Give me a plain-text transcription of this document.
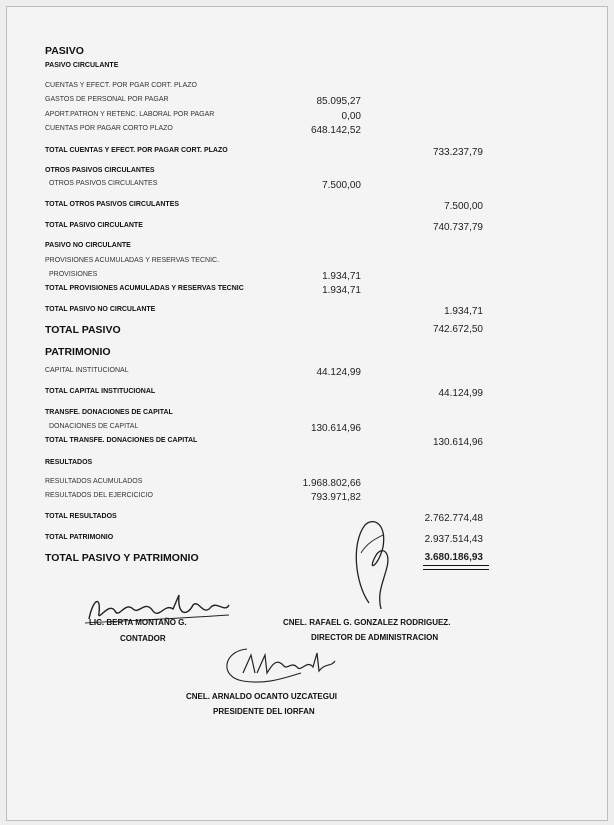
PASIVO
PASIVO CIRCULANTE
CUENTAS Y EFECT. POR PGAR CORT. PLAZO
GASTOS DE PERSONAL POR PAGAR	85.095,27
APORT.PATRON Y RETENC. LABORAL POR PAGAR	0,00
CUENTAS POR PAGAR CORTO PLAZO	648.142,52
TOTAL CUENTAS Y EFECT. POR PAGAR CORT. PLAZO	733.237,79
OTROS PASIVOS CIRCULANTES
OTROS PASIVOS CIRCULANTES	7.500,00
TOTAL OTROS PASIVOS CIRCULANTES	7.500,00
TOTAL PASIVO CIRCULANTE	740.737,79
PASIVO NO CIRCULANTE
PROVISIONES ACUMULADAS Y RESERVAS TECNIC.
PROVISIONES	1.934,71
TOTAL PROVISIONES ACUMULADAS Y RESERVAS TECNIC	1.934,71
TOTAL PASIVO NO CIRCULANTE	1.934,71
TOTAL PASIVO	742.672,50
PATRIMONIO
CAPITAL INSTITUCIONAL	44.124,99
TOTAL CAPITAL INSTITUCIONAL	44.124,99
TRANSFE. DONACIONES DE CAPITAL
DONACIONES DE CAPITAL	130.614,96
TOTAL TRANSFE. DONACIONES DE CAPITAL	130.614,96
RESULTADOS
RESULTADOS ACUMULADOS	1.968.802,66
RESULTADOS DEL EJERCICICIO	793.971,82
TOTAL RESULTADOS	2.762.774,48
TOTAL PATRIMONIO	2.937.514,43
TOTAL PASIVO Y PATRIMONIO	3.680.186,93
LIC. BERTA MONTAÑO G.
CONTADOR
CNEL. RAFAEL G. GONZALEZ RODRIGUEZ.
DIRECTOR DE ADMINISTRACION
CNEL. ARNALDO OCANTO UZCATEGUI
PRESIDENTE DEL IORFAN
